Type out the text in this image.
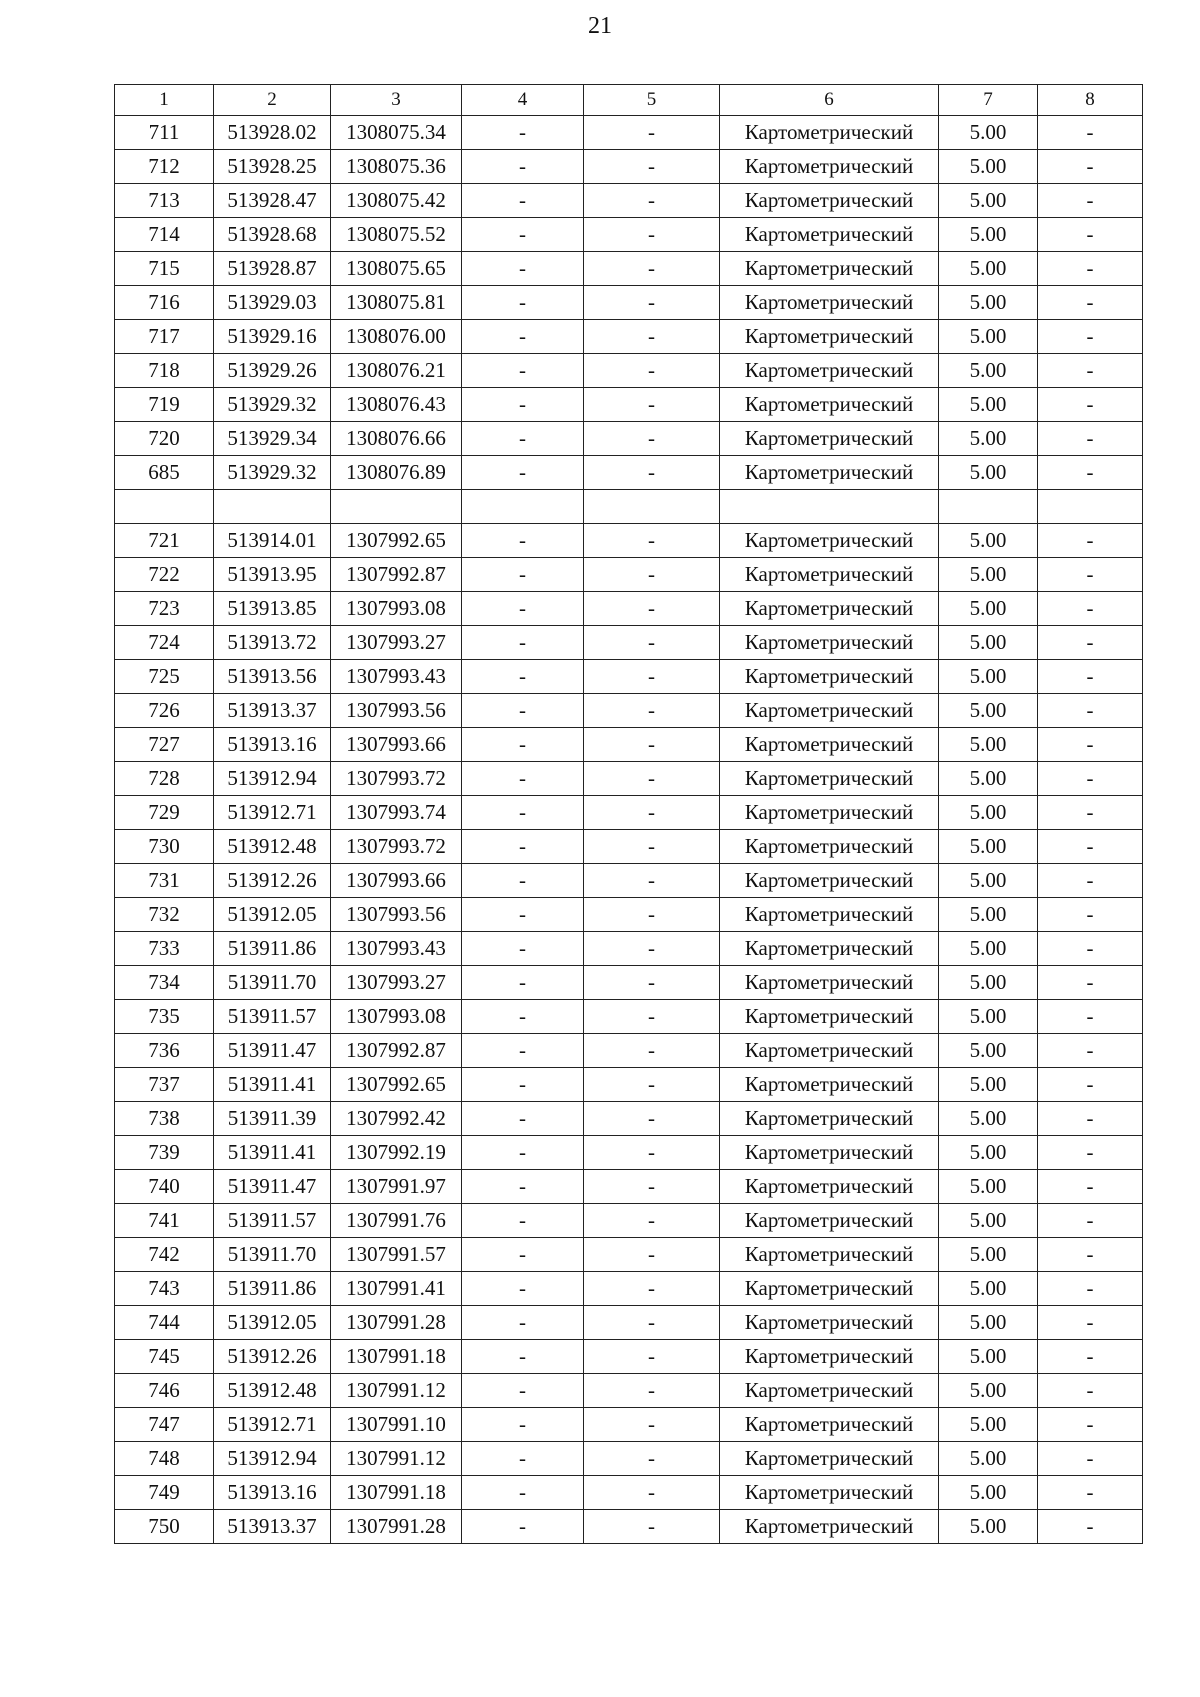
21
1	2	3	4	5	6	7	8
711	513928.02	1308075.34	-	-	Картометрический	5.00	-
712	513928.25	1308075.36	-	-	Картометрический	5.00	-
713	513928.47	1308075.42	-	-	Картометрический	5.00	-
714	513928.68	1308075.52	-	-	Картометрический	5.00	-
715	513928.87	1308075.65	-	-	Картометрический	5.00	-
716	513929.03	1308075.81	-	-	Картометрический	5.00	-
717	513929.16	1308076.00	-	-	Картометрический	5.00	-
718	513929.26	1308076.21	-	-	Картометрический	5.00	-
719	513929.32	1308076.43	-	-	Картометрический	5.00	-
720	513929.34	1308076.66	-	-	Картометрический	5.00	-
685	513929.32	1308076.89	-	-	Картометрический	5.00	-

721	513914.01	1307992.65	-	-	Картометрический	5.00	-
722	513913.95	1307992.87	-	-	Картометрический	5.00	-
723	513913.85	1307993.08	-	-	Картометрический	5.00	-
724	513913.72	1307993.27	-	-	Картометрический	5.00	-
725	513913.56	1307993.43	-	-	Картометрический	5.00	-
726	513913.37	1307993.56	-	-	Картометрический	5.00	-
727	513913.16	1307993.66	-	-	Картометрический	5.00	-
728	513912.94	1307993.72	-	-	Картометрический	5.00	-
729	513912.71	1307993.74	-	-	Картометрический	5.00	-
730	513912.48	1307993.72	-	-	Картометрический	5.00	-
731	513912.26	1307993.66	-	-	Картометрический	5.00	-
732	513912.05	1307993.56	-	-	Картометрический	5.00	-
733	513911.86	1307993.43	-	-	Картометрический	5.00	-
734	513911.70	1307993.27	-	-	Картометрический	5.00	-
735	513911.57	1307993.08	-	-	Картометрический	5.00	-
736	513911.47	1307992.87	-	-	Картометрический	5.00	-
737	513911.41	1307992.65	-	-	Картометрический	5.00	-
738	513911.39	1307992.42	-	-	Картометрический	5.00	-
739	513911.41	1307992.19	-	-	Картометрический	5.00	-
740	513911.47	1307991.97	-	-	Картометрический	5.00	-
741	513911.57	1307991.76	-	-	Картометрический	5.00	-
742	513911.70	1307991.57	-	-	Картометрический	5.00	-
743	513911.86	1307991.41	-	-	Картометрический	5.00	-
744	513912.05	1307991.28	-	-	Картометрический	5.00	-
745	513912.26	1307991.18	-	-	Картометрический	5.00	-
746	513912.48	1307991.12	-	-	Картометрический	5.00	-
747	513912.71	1307991.10	-	-	Картометрический	5.00	-
748	513912.94	1307991.12	-	-	Картометрический	5.00	-
749	513913.16	1307991.18	-	-	Картометрический	5.00	-
750	513913.37	1307991.28	-	-	Картометрический	5.00	-
